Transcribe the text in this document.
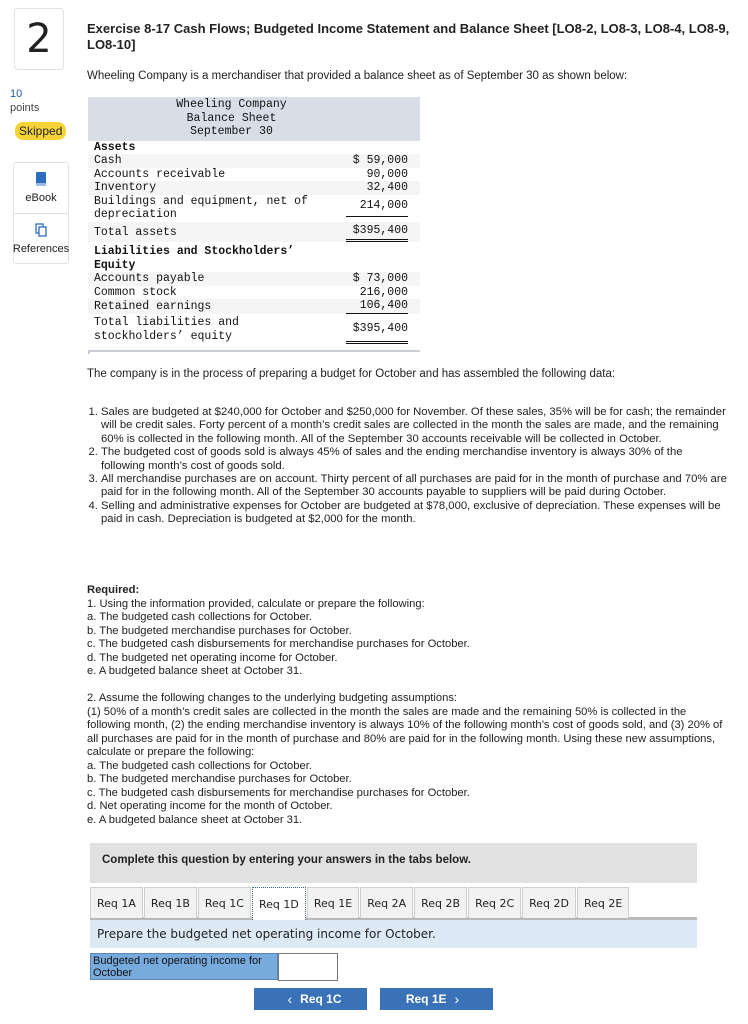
2
10
points
Skipped
eBook
References
Exercise 8-17 Cash Flows; Budgeted Income Statement and Balance Sheet [LO8-2, LO8-3, LO8-4, LO8-9, LO8-10]
Wheeling Company is a merchandiser that provided a balance sheet as of September 30 as shown below:
Wheeling Company
Balance Sheet
September 30
Assets
Cash	$ 59,000
Accounts receivable	90,000
Inventory	32,400
Buildings and equipment, net of depreciation
214,000
Total assets	$395,400
Liabilities and Stockholders’ Equity
Accounts payable	$ 73,000
Common stock	216,000
Retained earnings	106,400
Total liabilities and stockholders’ equity
$395,400
The company is in the process of preparing a budget for October and has assembled the following data:
1. Sales are budgeted at $240,000 for October and $250,000 for November. Of these sales, 35% will be for cash; the remainder will be credit sales. Forty percent of a month’s credit sales are collected in the month the sales are made, and the remaining 60% is collected in the following month. All of the September 30 accounts receivable will be collected in October.
2. The budgeted cost of goods sold is always 45% of sales and the ending merchandise inventory is always 30% of the following month’s cost of goods sold.
3. All merchandise purchases are on account. Thirty percent of all purchases are paid for in the month of purchase and 70% are paid for in the following month. All of the September 30 accounts payable to suppliers will be paid during October.
4. Selling and administrative expenses for October are budgeted at $78,000, exclusive of depreciation. These expenses will be paid in cash. Depreciation is budgeted at $2,000 for the month.
Required:
1. Using the information provided, calculate or prepare the following:
a. The budgeted cash collections for October.
b. The budgeted merchandise purchases for October.
c. The budgeted cash disbursements for merchandise purchases for October.
d. The budgeted net operating income for October.
e. A budgeted balance sheet at October 31.
2. Assume the following changes to the underlying budgeting assumptions:
(1) 50% of a month’s credit sales are collected in the month the sales are made and the remaining 50% is collected in the following month, (2) the ending merchandise inventory is always 10% of the following month’s cost of goods sold, and (3) 20% of all purchases are paid for in the month of purchase and 80% are paid for in the following month. Using these new assumptions, calculate or prepare the following:
a. The budgeted cash collections for October.
b. The budgeted merchandise purchases for October.
c. The budgeted cash disbursements for merchandise purchases for October.
d. Net operating income for the month of October.
e. A budgeted balance sheet at October 31.
Complete this question by entering your answers in the tabs below.
Req 1A	Req 1B	Req 1C	Req 1D	Req 1E	Req 2A	Req 2B	Req 2C	Req 2D	Req 2E
Prepare the budgeted net operating income for October.
Budgeted net operating income for October
‹ Req 1C	Req 1E ›
